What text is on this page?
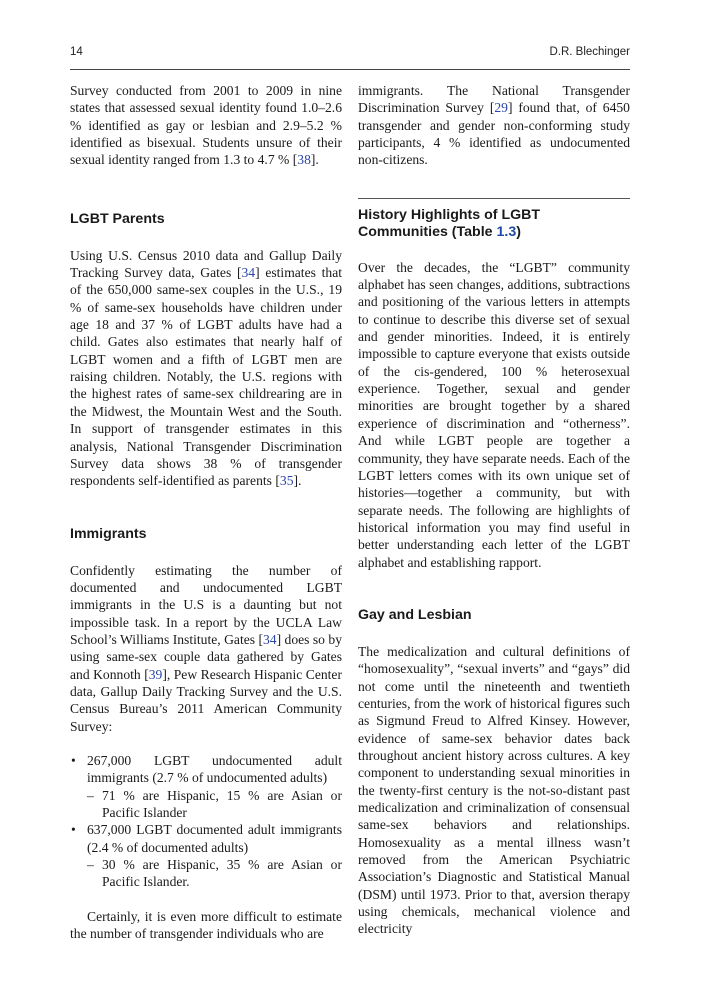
14	D.R. Blechinger

Survey conducted from 2001 to 2009 in nine states that assessed sexual identity found 1.0–2.6 % identified as gay or lesbian and 2.9–5.2 % identified as bisexual. Students unsure of their sexual identity ranged from 1.3 to 4.7 % [38].

LGBT Parents

Using U.S. Census 2010 data and Gallup Daily Tracking Survey data, Gates [34] estimates that of the 650,000 same-sex couples in the U.S., 19 % of same-sex households have children under age 18 and 37 % of LGBT adults have had a child. Gates also estimates that nearly half of LGBT women and a fifth of LGBT men are raising children. Notably, the U.S. regions with the highest rates of same-sex childrearing are in the Midwest, the Mountain West and the South. In support of transgender estimates in this analysis, National Transgender Discrimination Survey data shows 38 % of transgender respondents self-identified as parents [35].

Immigrants

Confidently estimating the number of documented and undocumented LGBT immigrants in the U.S is a daunting but not impossible task. In a report by the UCLA Law School’s Williams Institute, Gates [34] does so by using same-sex couple data gathered by Gates and Konnoth [39], Pew Research Hispanic Center data, Gallup Daily Tracking Survey and the U.S. Census Bureau’s 2011 American Community Survey:

• 267,000 LGBT undocumented adult immigrants (2.7 % of undocumented adults)
– 71 % are Hispanic, 15 % are Asian or Pacific Islander
• 637,000 LGBT documented adult immigrants (2.4 % of documented adults)
– 30 % are Hispanic, 35 % are Asian or Pacific Islander.

Certainly, it is even more difficult to estimate the number of transgender individuals who are

immigrants. The National Transgender Discrimination Survey [29] found that, of 6450 transgender and gender non-conforming study participants, 4 % identified as undocumented non-citizens.

History Highlights of LGBT Communities (Table 1.3)

Over the decades, the “LGBT” community alphabet has seen changes, additions, subtractions and positioning of the various letters in attempts to continue to describe this diverse set of sexual and gender minorities. Indeed, it is entirely impossible to capture everyone that exists outside of the cis-gendered, 100 % heterosexual experience. Together, sexual and gender minorities are brought together by a shared experience of discrimination and “otherness”. And while LGBT people are together a community, they have separate needs. Each of the LGBT letters comes with its own unique set of histories—together a community, but with separate needs. The following are highlights of historical information you may find useful in better understanding each letter of the LGBT alphabet and establishing rapport.

Gay and Lesbian

The medicalization and cultural definitions of “homosexuality”, “sexual inverts” and “gays” did not come until the nineteenth and twentieth centuries, from the work of historical figures such as Sigmund Freud to Alfred Kinsey. However, evidence of same-sex behavior dates back throughout ancient history across cultures. A key component to understanding sexual minorities in the twenty-first century is the not-so-distant past medicalization and criminalization of consensual same-sex behaviors and relationships. Homosexuality as a mental illness wasn’t removed from the American Psychiatric Association’s Diagnostic and Statistical Manual (DSM) until 1973. Prior to that, aversion therapy using chemicals, mechanical violence and electricity
